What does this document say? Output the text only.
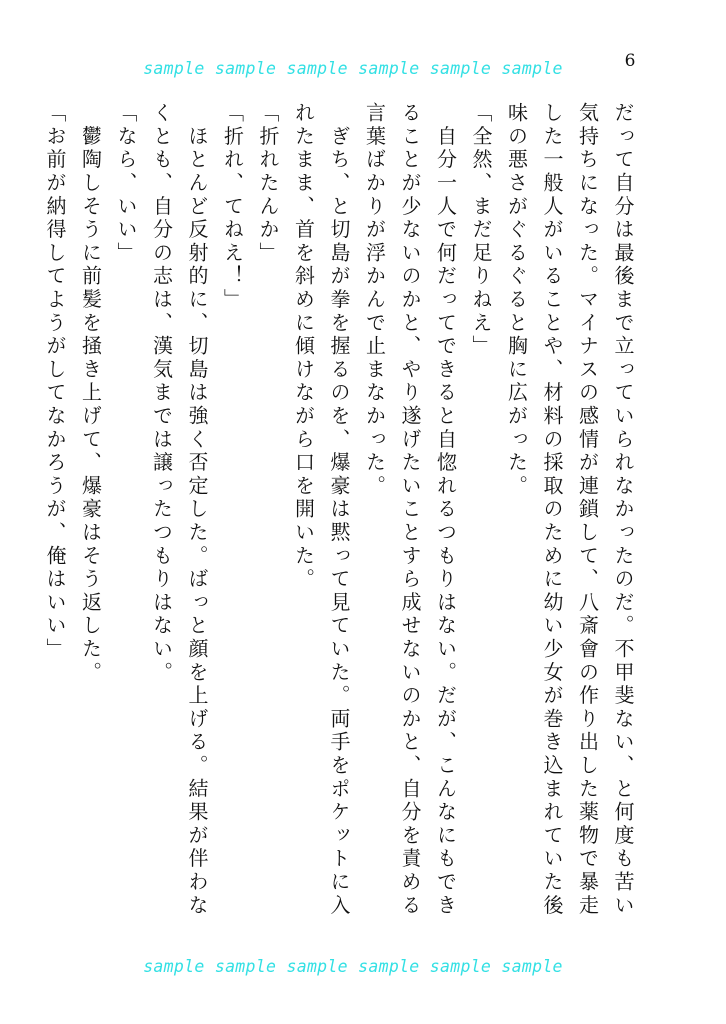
sample sample sample sample sample sample	6

だって自分は最後まで立っていられなかったのだ。不甲斐ない、と何度も苦い気持ちになった。マイナスの感情が連鎖して、八斎會の作り出した薬物で暴走した一般人がいることや、材料の採取のために幼い少女が巻き込まれていた後味の悪さがぐるぐると胸に広がった。

「全然、まだ足りねえ」

　自分一人で何だってできると自惚れるつもりはない。だが、こんなにもできることが少ないのかと、やり遂げたいことすら成せないのかと、自分を責める言葉ばかりが浮かんで止まなかった。

　ぎち、と切島が拳を握るのを、爆豪は黙って見ていた。両手をポケットに入れたまま、首を斜めに傾けながら口を開いた。

「折れたんか」

「折れ、てねえ！」

　ほとんど反射的に、切島は強く否定した。ばっと顔を上げる。結果が伴わなくとも、自分の志は、漢気までは譲ったつもりはない。

「なら、いい」

　鬱陶しそうに前髪を掻き上げて、爆豪はそう返した。

「お前が納得してようがしてなかろうが、俺はいい」

sample sample sample sample sample sample
